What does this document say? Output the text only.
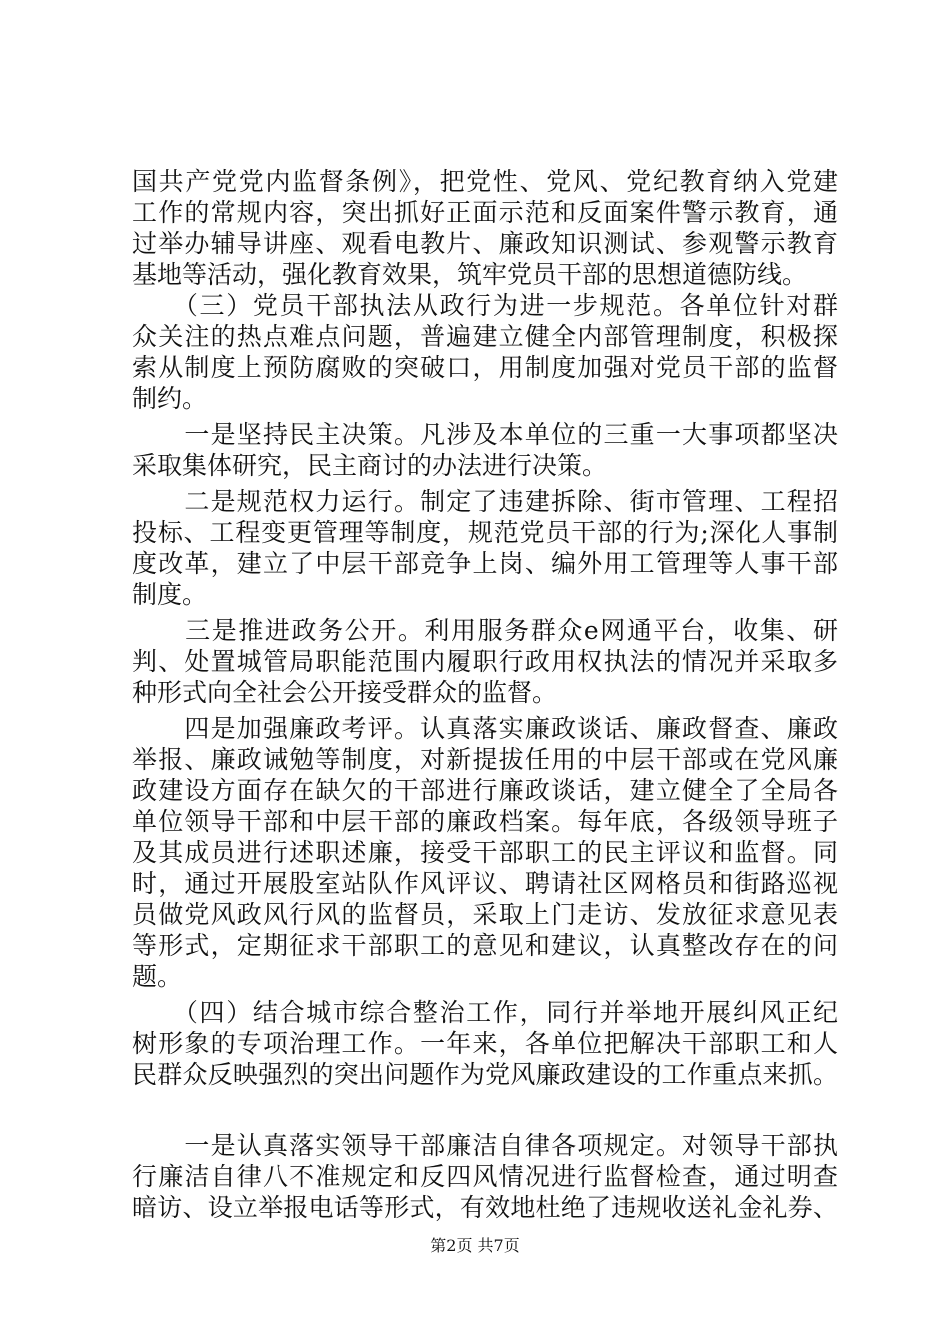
国共产党党内监督条例》，把党性、党风、党纪教育纳入党建
工作的常规内容，突出抓好正面示范和反面案件警示教育，通
过举办辅导讲座、观看电教片、廉政知识测试、参观警示教育
基地等活动，强化教育效果，筑牢党员干部的思想道德防线。
　　（三）党员干部执法从政行为进一步规范。各单位针对群
众关注的热点难点问题，普遍建立健全内部管理制度，积极探
索从制度上预防腐败的突破口，用制度加强对党员干部的监督
制约。
　　一是坚持民主决策。凡涉及本单位的三重一大事项都坚决
采取集体研究，民主商讨的办法进行决策。
　　二是规范权力运行。制定了违建拆除、街市管理、工程招
投标、工程变更管理等制度，规范党员干部的行为;深化人事制
度改革，建立了中层干部竞争上岗、编外用工管理等人事干部
制度。
　　三是推进政务公开。利用服务群众e网通平台，收集、研
判、处置城管局职能范围内履职行政用权执法的情况并采取多
种形式向全社会公开接受群众的监督。
　　四是加强廉政考评。认真落实廉政谈话、廉政督查、廉政
举报、廉政诫勉等制度，对新提拔任用的中层干部或在党风廉
政建设方面存在缺欠的干部进行廉政谈话，建立健全了全局各
单位领导干部和中层干部的廉政档案。每年底，各级领导班子
及其成员进行述职述廉，接受干部职工的民主评议和监督。同
时，通过开展股室站队作风评议、聘请社区网格员和街路巡视
员做党风政风行风的监督员，采取上门走访、发放征求意见表
等形式，定期征求干部职工的意见和建议，认真整改存在的问
题。
　　（四）结合城市综合整治工作，同行并举地开展纠风正纪
树形象的专项治理工作。一年来，各单位把解决干部职工和人
民群众反映强烈的突出问题作为党风廉政建设的工作重点来抓。
　　一是认真落实领导干部廉洁自律各项规定。对领导干部执
行廉洁自律八不准规定和反四风情况进行监督检查，通过明查
暗访、设立举报电话等形式，有效地杜绝了违规收送礼金礼券、
第2页 共7页
